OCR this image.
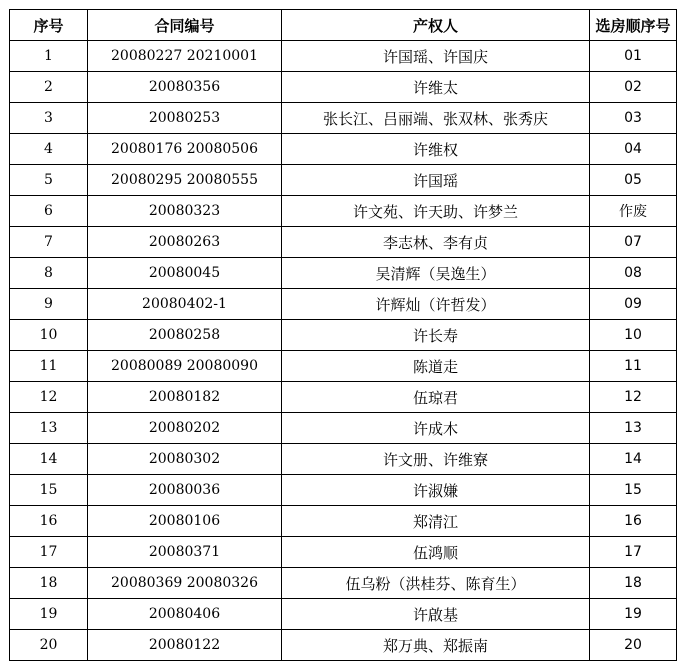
序号	合同编号	产权人	选房顺序号
1	20080227 20210001	许国瑶、许国庆	01
2	20080356	许维太	02
3	20080253	张长江、吕丽端、张双林、张秀庆	03
4	20080176 20080506	许维权	04
5	20080295 20080555	许国瑶	05
6	20080323	许文苑、许天助、许梦兰	作废
7	20080263	李志林、李有贞	07
8	20080045	吴清辉（吴逸生）	08
9	20080402-1	许辉灿（许哲发）	09
10	20080258	许长寿	10
11	20080089 20080090	陈道走	11
12	20080182	伍琼君	12
13	20080202	许成木	13
14	20080302	许文册、许维寮	14
15	20080036	许淑嫌	15
16	20080106	郑清江	16
17	20080371	伍鸿顺	17
18	20080369 20080326	伍乌粉（洪桂芬、陈育生）	18
19	20080406	许啟基	19
20	20080122	郑万典、郑振南	20
